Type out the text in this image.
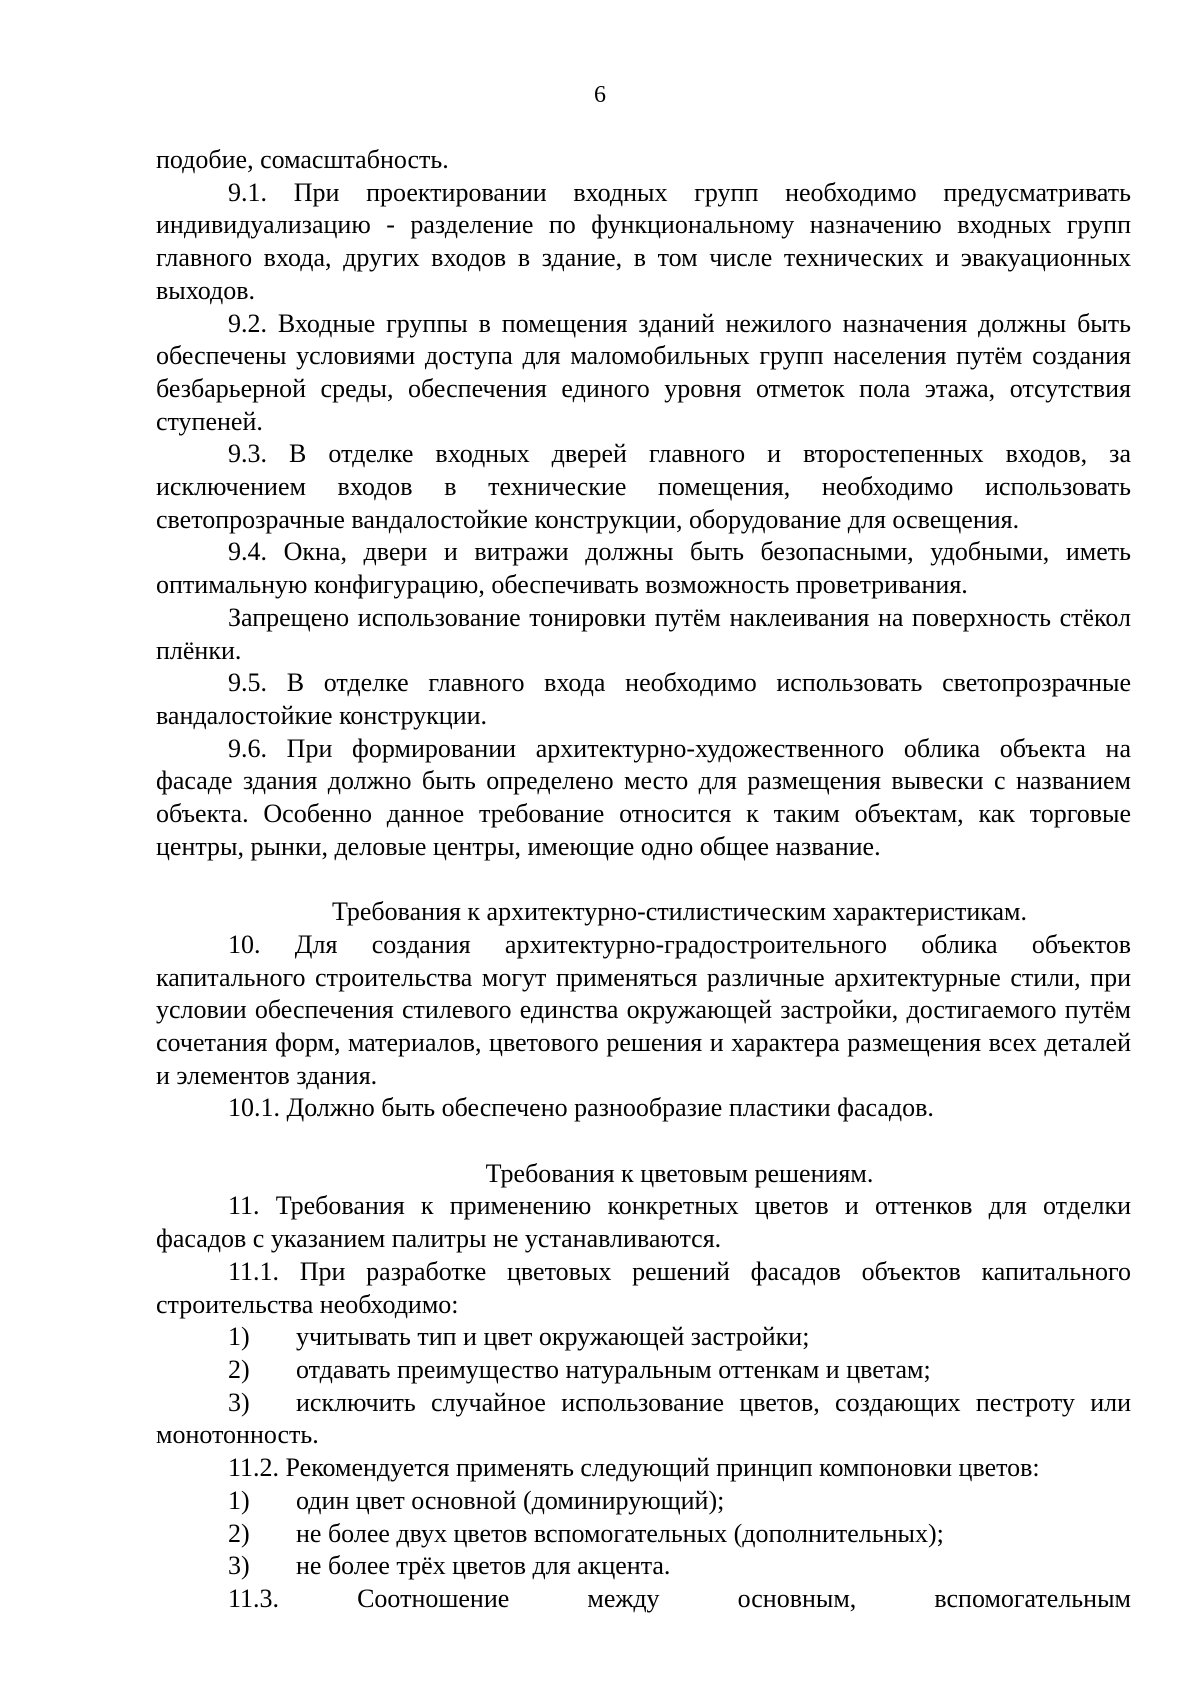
6

подобие, сомасштабность.

9.1. При проектировании входных групп необходимо предусматривать индивидуализацию - разделение по функциональному назначению входных групп главного входа, других входов в здание, в том числе технических и эвакуационных выходов.

9.2. Входные группы в помещения зданий нежилого назначения должны быть обеспечены условиями доступа для маломобильных групп населения путём создания безбарьерной среды, обеспечения единого уровня отметок пола этажа, отсутствия ступеней.

9.3. В отделке входных дверей главного и второстепенных входов, за исключением входов в технические помещения, необходимо использовать светопрозрачные вандалостойкие конструкции, оборудование для освещения.

9.4. Окна, двери и витражи должны быть безопасными, удобными, иметь оптимальную конфигурацию, обеспечивать возможность проветривания.

Запрещено использование тонировки путём наклеивания на поверхность стёкол плёнки.

9.5. В отделке главного входа необходимо использовать светопрозрачные вандалостойкие конструкции.

9.6. При формировании архитектурно-художественного облика объекта на фасаде здания должно быть определено место для размещения вывески с названием объекта. Особенно данное требование относится к таким объектам, как торговые центры, рынки, деловые центры, имеющие одно общее название.

Требования к архитектурно-стилистическим характеристикам.

10. Для создания архитектурно-градостроительного облика объектов капитального строительства могут применяться различные архитектурные стили, при условии обеспечения стилевого единства окружающей застройки, достигаемого путём сочетания форм, материалов, цветового решения и характера размещения всех деталей и элементов здания.

10.1. Должно быть обеспечено разнообразие пластики фасадов.

Требования к цветовым решениям.

11. Требования к применению конкретных цветов и оттенков для отделки фасадов с указанием палитры не устанавливаются.

11.1. При разработке цветовых решений фасадов объектов капитального строительства необходимо:

1)	учитывать тип и цвет окружающей застройки;
2)	отдавать преимущество натуральным оттенкам и цветам;

3) исключить случайное использование цветов, создающих пестроту или монотонность.

11.2. Рекомендуется применять следующий принцип компоновки цветов:

1)	один цвет основной (доминирующий);
2)	не более двух цветов вспомогательных (дополнительных);
3)	не более трёх цветов для акцента.
11.3.	Соотношение	между	основным,	вспомогательным
